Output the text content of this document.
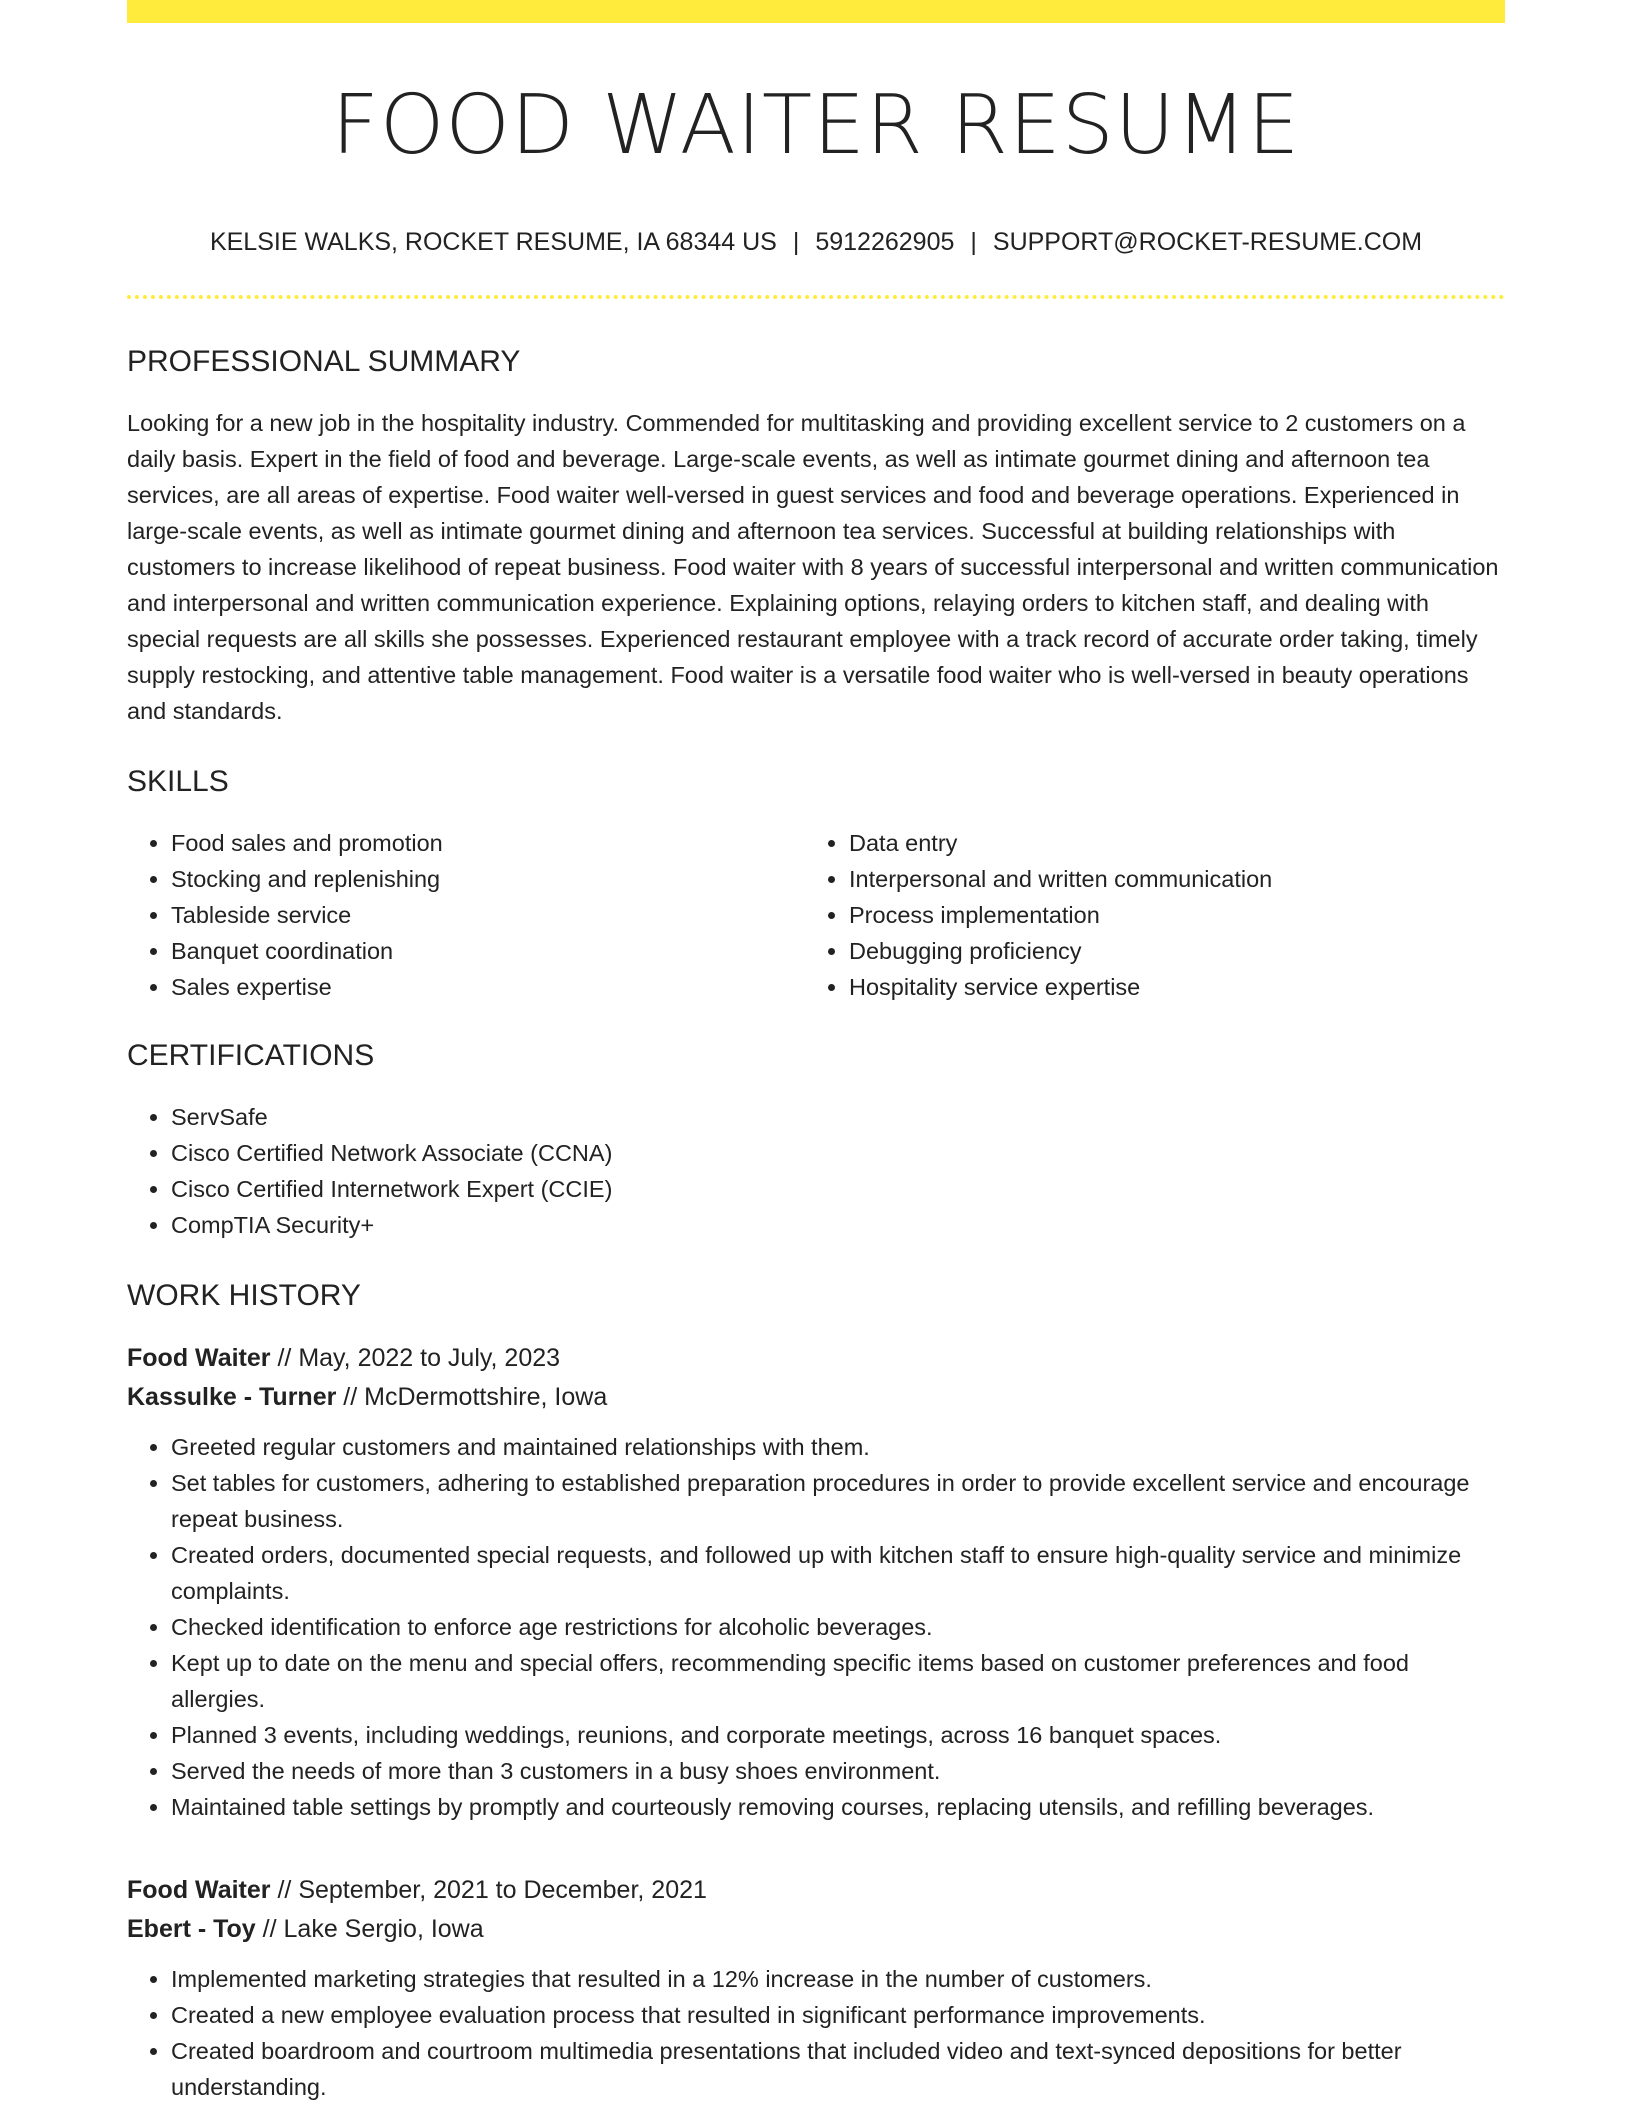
FOOD WAITER RESUME
KELSIE WALKS, ROCKET RESUME, IA 68344 US | 5912262905 | SUPPORT@ROCKET-RESUME.COM
PROFESSIONAL SUMMARY
Looking for a new job in the hospitality industry. Commended for multitasking and providing excellent service to 2 customers on a daily basis. Expert in the field of food and beverage. Large-scale events, as well as intimate gourmet dining and afternoon tea services, are all areas of expertise. Food waiter well-versed in guest services and food and beverage operations. Experienced in large-scale events, as well as intimate gourmet dining and afternoon tea services. Successful at building relationships with customers to increase likelihood of repeat business. Food waiter with 8 years of successful interpersonal and written communication and interpersonal and written communication experience. Explaining options, relaying orders to kitchen staff, and dealing with special requests are all skills she possesses. Experienced restaurant employee with a track record of accurate order taking, timely supply restocking, and attentive table management. Food waiter is a versatile food waiter who is well-versed in beauty operations and standards.
SKILLS
• Food sales and promotion
• Stocking and replenishing
• Tableside service
• Banquet coordination
• Sales expertise
• Data entry
• Interpersonal and written communication
• Process implementation
• Debugging proficiency
• Hospitality service expertise
CERTIFICATIONS
• ServSafe
• Cisco Certified Network Associate (CCNA)
• Cisco Certified Internetwork Expert (CCIE)
• CompTIA Security+
WORK HISTORY
Food Waiter // May, 2022 to July, 2023
Kassulke - Turner // McDermottshire, Iowa
• Greeted regular customers and maintained relationships with them.
• Set tables for customers, adhering to established preparation procedures in order to provide excellent service and encourage repeat business.
• Created orders, documented special requests, and followed up with kitchen staff to ensure high-quality service and minimize complaints.
• Checked identification to enforce age restrictions for alcoholic beverages.
• Kept up to date on the menu and special offers, recommending specific items based on customer preferences and food allergies.
• Planned 3 events, including weddings, reunions, and corporate meetings, across 16 banquet spaces.
• Served the needs of more than 3 customers in a busy shoes environment.
• Maintained table settings by promptly and courteously removing courses, replacing utensils, and refilling beverages.
Food Waiter // September, 2021 to December, 2021
Ebert - Toy // Lake Sergio, Iowa
• Implemented marketing strategies that resulted in a 12% increase in the number of customers.
• Created a new employee evaluation process that resulted in significant performance improvements.
• Created boardroom and courtroom multimedia presentations that included video and text-synced depositions for better understanding.
